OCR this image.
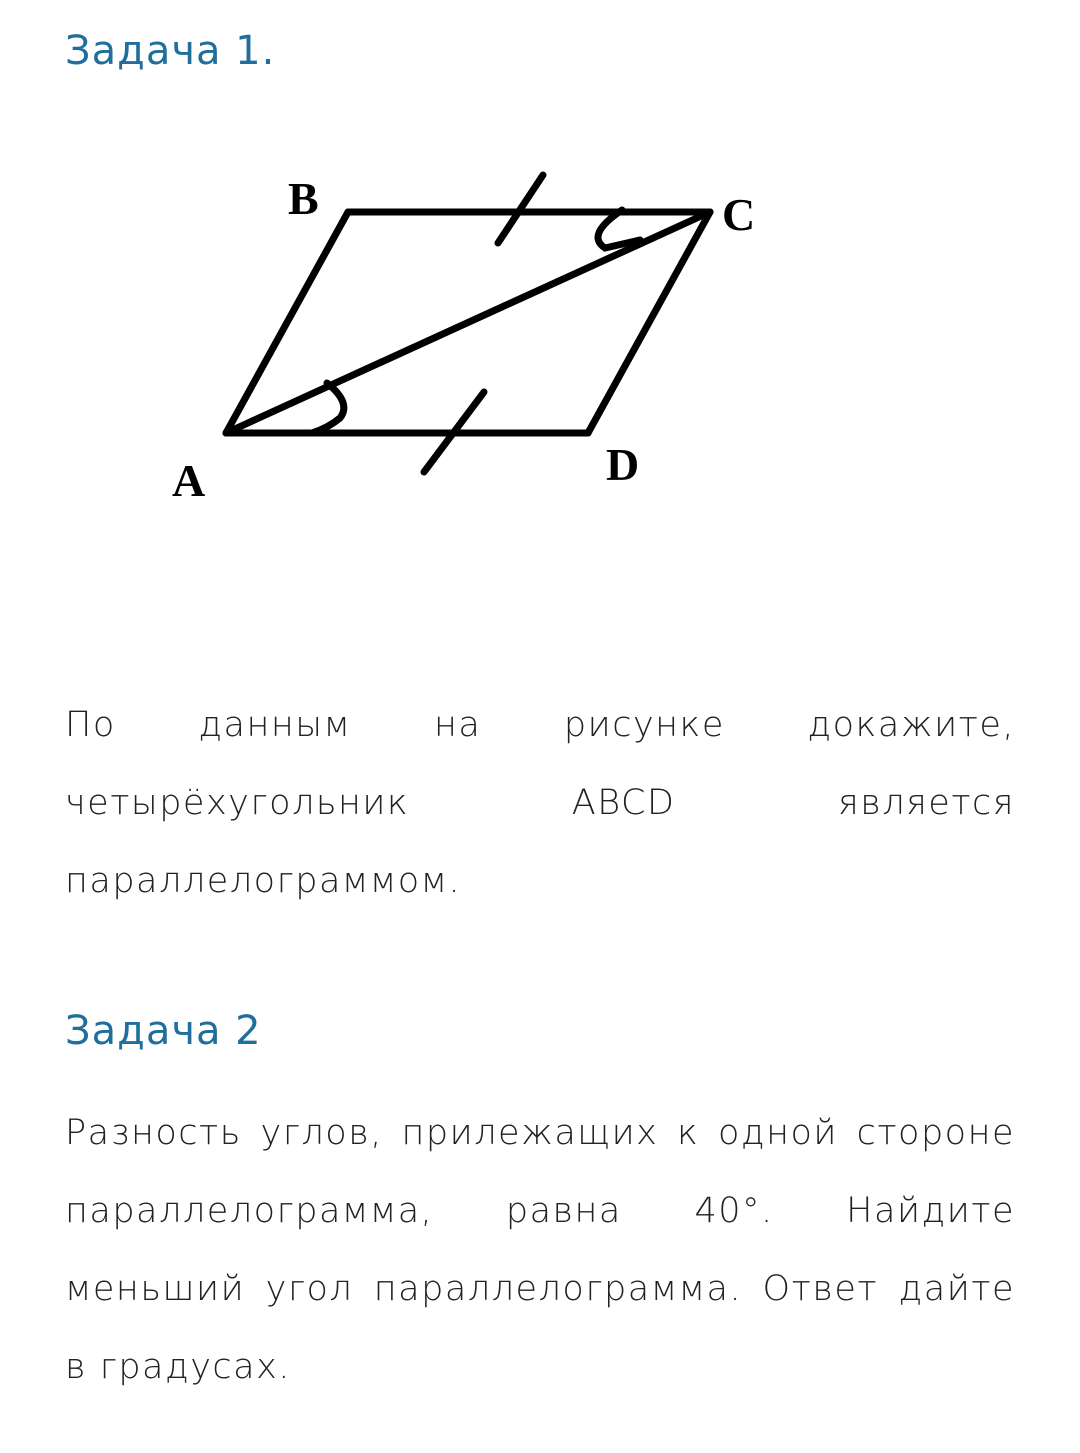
Задача 1.
B	C
A	D

По данным на рисунке докажите, четырёхугольник ABCD является параллелограммом.

Задача 2

Разность углов, прилежащих к одной стороне параллелограмма, равна 40°. Найдите меньший угол параллелограмма. Ответ дайте в градусах.
